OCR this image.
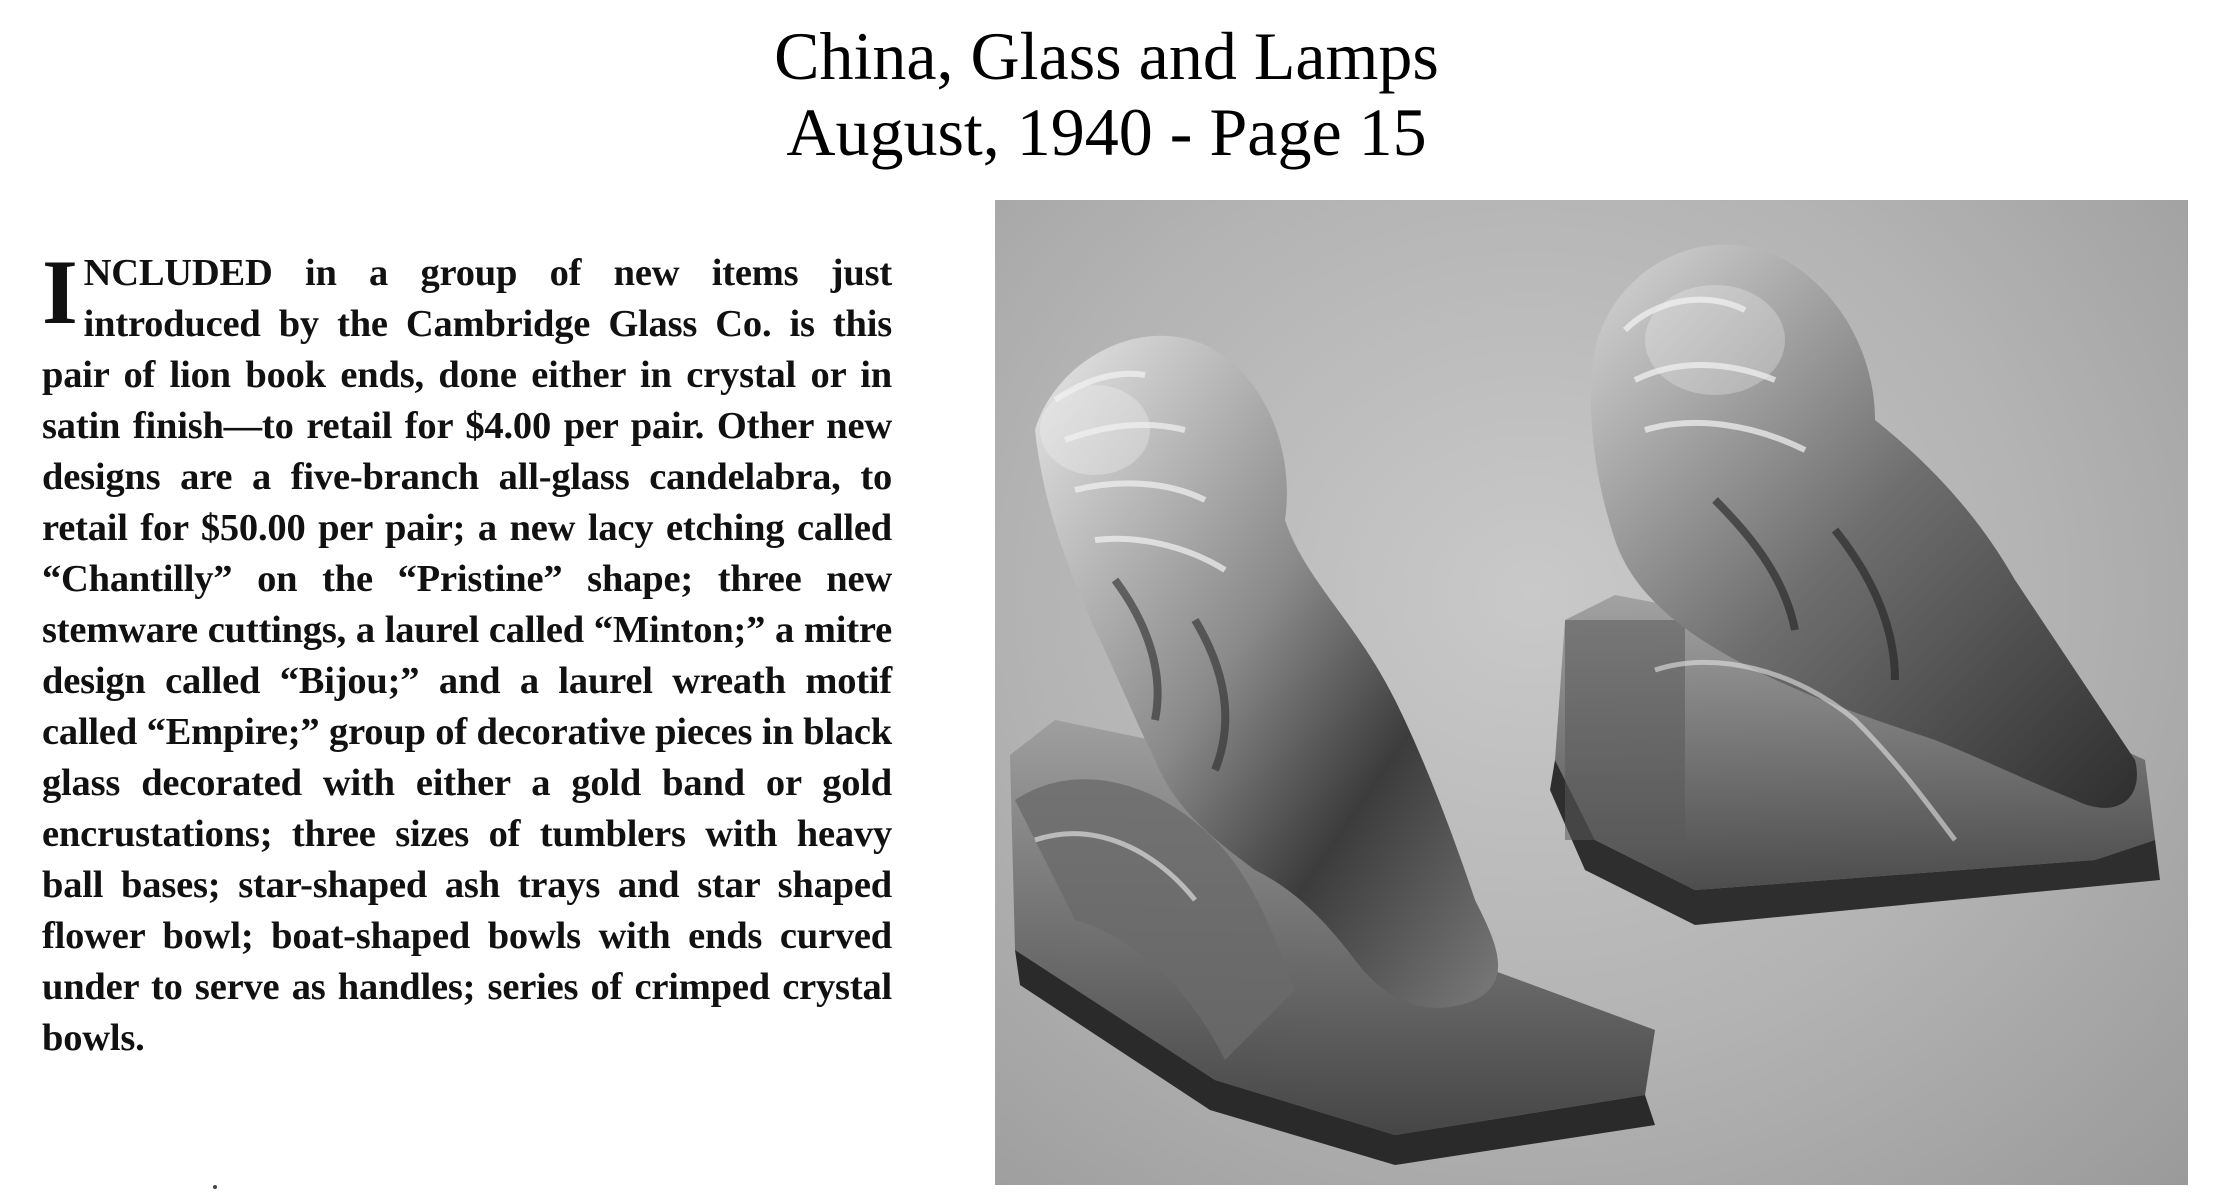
China, Glass and Lamps
August, 1940 - Page 15
INCLUDED in a group of new items just introduced by the Cambridge Glass Co. is this pair of lion book ends, done either in crystal or in satin finish—to retail for $4.00 per pair. Other new designs are a five-branch all-glass candelabra, to retail for $50.00 per pair; a new lacy etching called “Chantilly” on the “Pristine” shape; three new stemware cuttings, a laurel called “Minton;” a mitre design called “Bijou;” and a laurel wreath motif called “Empire;” group of decorative pieces in black glass decorated with either a gold band or gold encrustations; three sizes of tumblers with heavy ball bases; star-shaped ash trays and star shaped flower bowl; boat-shaped bowls with ends curved under to serve as handles; series of crimped crystal bowls.
